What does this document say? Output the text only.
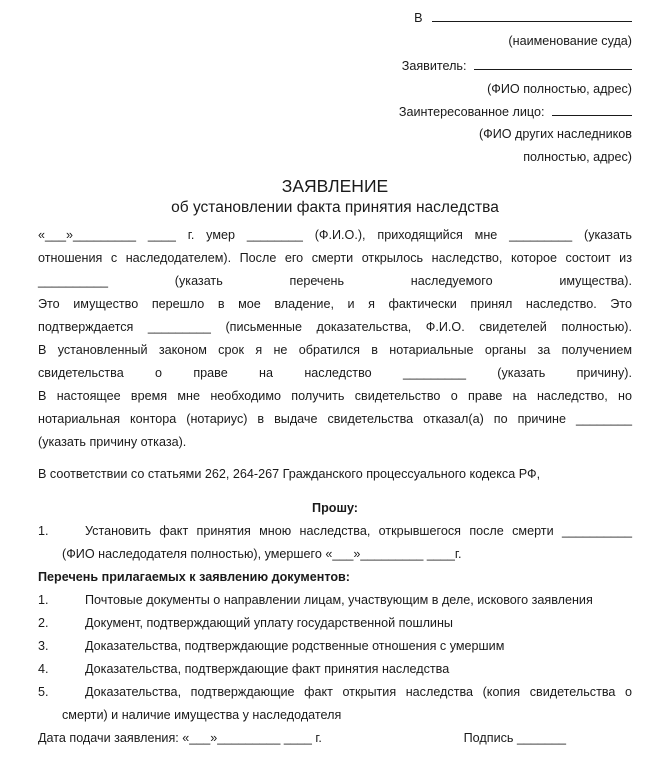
В
(наименование суда)
Заявитель:
(ФИО полностью, адрес)
Заинтересованное лицо:
(ФИО других наследников
полностью, адрес)
ЗАЯВЛЕНИЕ
об установлении факта принятия наследства
«___»_________ ____ г. умер ________ (Ф.И.О.), приходящийся мне _________ (указать
отношения с наследодателем). После его смерти открылось наследство, которое состоит из
__________ (указать перечень наследуемого имущества).
Это имущество перешло в мое владение, и я фактически принял наследство. Это
подтверждается _________ (письменные доказательства, Ф.И.О. свидетелей полностью).
В установленный законом срок я не обратился в нотариальные органы за получением
свидетельства о праве на наследство _________ (указать причину).
В настоящее время мне необходимо получить свидетельство о праве на наследство, но
нотариальная контора (нотариус) в выдаче свидетельства отказал(а) по причине ________
(указать причину отказа).
В соответствии со статьями 262, 264-267 Гражданского процессуального кодекса РФ,
Прошу:
1.	Установить факт принятия мною наследства, открывшегося после смерти __________
(ФИО наследодателя полностью), умершего «___»_________ ____г.
Перечень прилагаемых к заявлению документов:
1.	Почтовые документы о направлении лицам, участвующим в деле, искового заявления
2.	Документ, подтверждающий уплату государственной пошлины
3.	Доказательства, подтверждающие родственные отношения с умершим
4.	Доказательства, подтверждающие факт принятия наследства
5.	Доказательства, подтверждающие факт открытия наследства (копия свидетельства о
смерти) и наличие имущества у наследодателя
Дата подачи заявления: «___»_________ ____ г.	Подпись _______
